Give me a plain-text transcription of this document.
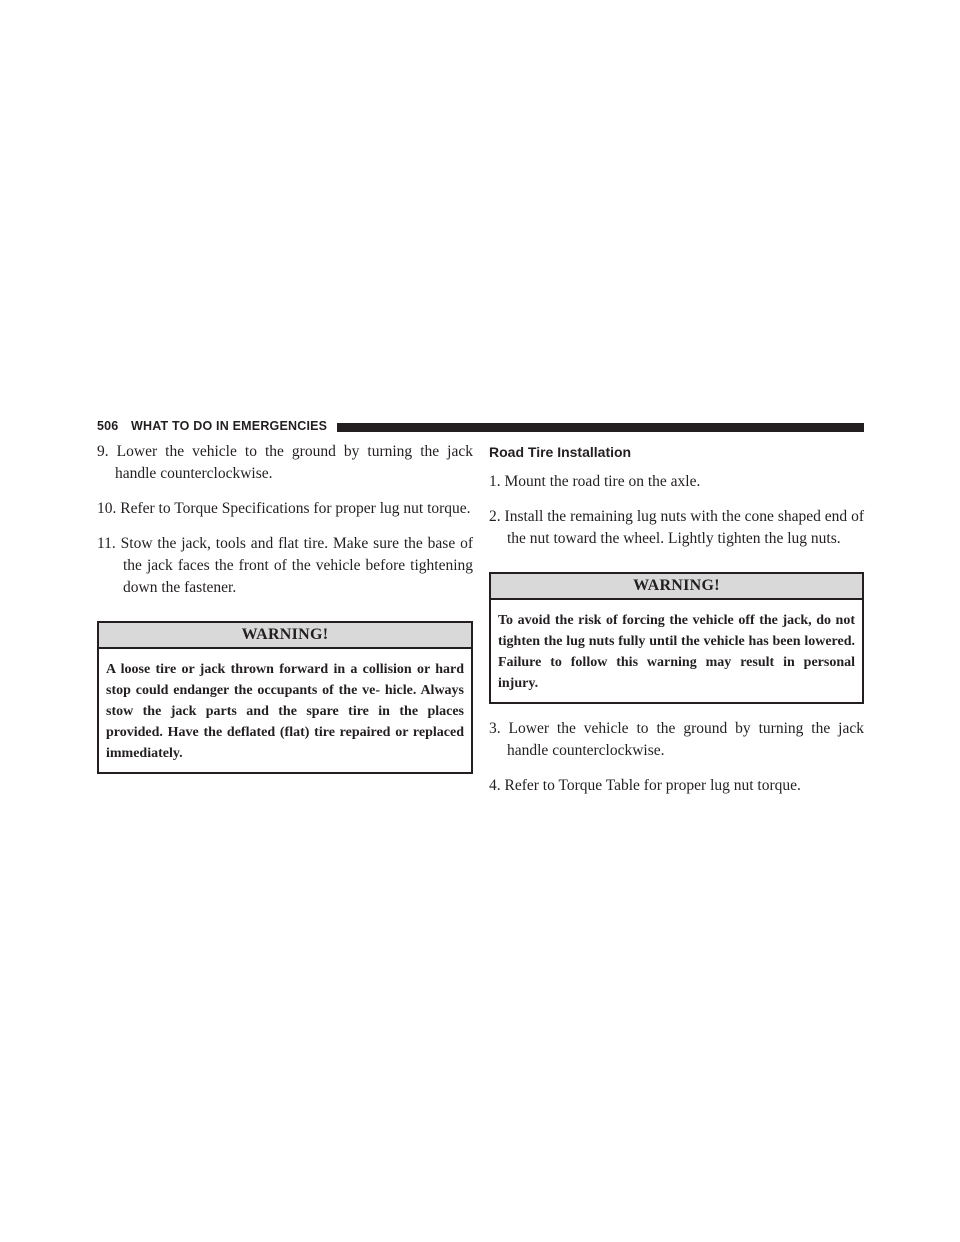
506 WHAT TO DO IN EMERGENCIES

9. Lower the vehicle to the ground by turning the jack handle counterclockwise.

10. Refer to Torque Specifications for proper lug nut torque.

11. Stow the jack, tools and flat tire. Make sure the base of the jack faces the front of the vehicle before tightening down the fastener.

WARNING!
A loose tire or jack thrown forward in a collision or hard stop could endanger the occupants of the ve- hicle. Always stow the jack parts and the spare tire in the places provided. Have the deflated (flat) tire repaired or replaced immediately.
Road Tire Installation

1. Mount the road tire on the axle.

2. Install the remaining lug nuts with the cone shaped end of the nut toward the wheel. Lightly tighten the lug nuts.

WARNING!
To avoid the risk of forcing the vehicle off the jack, do not tighten the lug nuts fully until the vehicle has been lowered. Failure to follow this warning may result in personal injury.

3. Lower the vehicle to the ground by turning the jack handle counterclockwise.

4. Refer to Torque Table for proper lug nut torque.
